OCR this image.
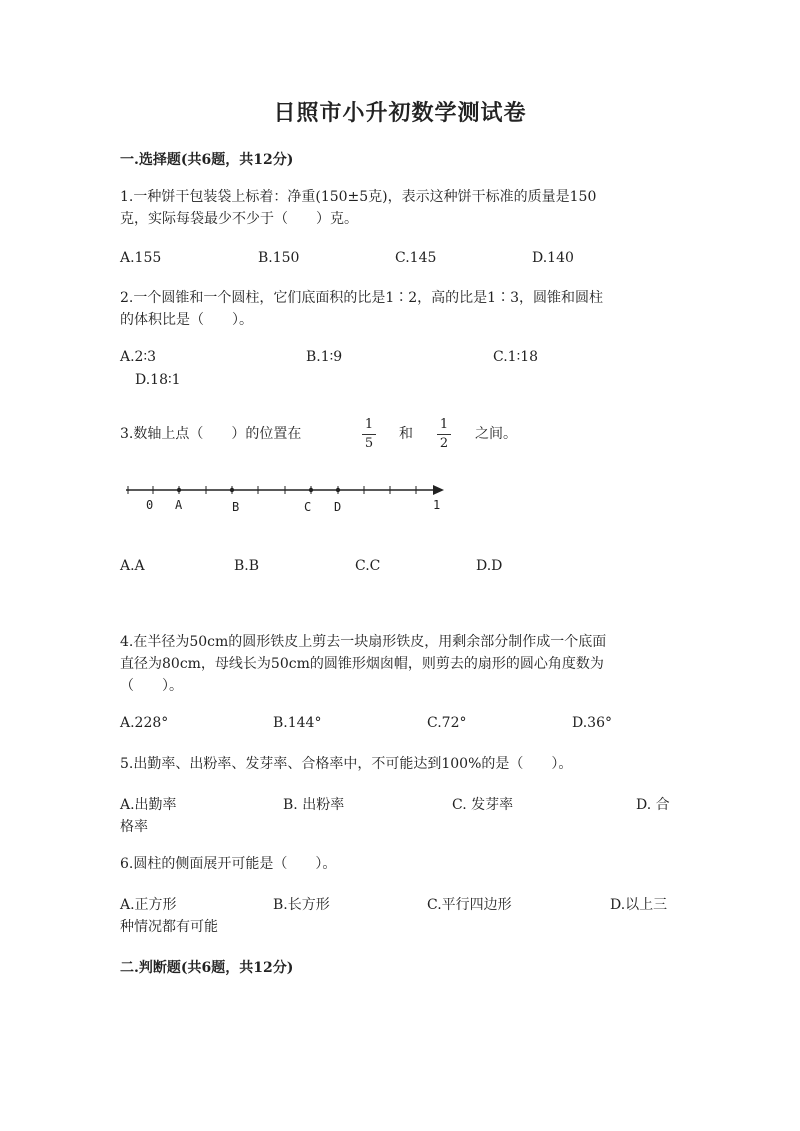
日照市小升初数学测试卷
一.选择题(共6题，共12分)
1.一种饼干包装袋上标着：净重(150±5克)，表示这种饼干标准的质量是150
克，实际每袋最少不少于（　　）克。
A.155	B.150	C.145	D.140
2.一个圆锥和一个圆柱，它们底面积的比是1∶2，高的比是1∶3，圆锥和圆柱
的体积比是（　　）。
A.2∶3	B.1∶9	C.1∶18
D.18∶1
3.数轴上点（　　）的位置在
1
5
和
1
2
之间。
0 A	B	C D	1
A.A	B.B	C.C	D.D
4.在半径为50cm的圆形铁皮上剪去一块扇形铁皮，用剩余部分制作成一个底面
直径为80cm，母线长为50cm的圆锥形烟囱帽，则剪去的扇形的圆心角度数为
（　　）。
A.228°	B.144°	C.72°	D.36°
5.出勤率、出粉率、发芽率、合格率中，不可能达到100%的是（　　）。
A.出勤率	B. 出粉率	C. 发芽率	D. 合
格率
6.圆柱的侧面展开可能是（　　）。
A.正方形	B.长方形	C.平行四边形	D.以上三
种情况都有可能
二.判断题(共6题，共12分)
